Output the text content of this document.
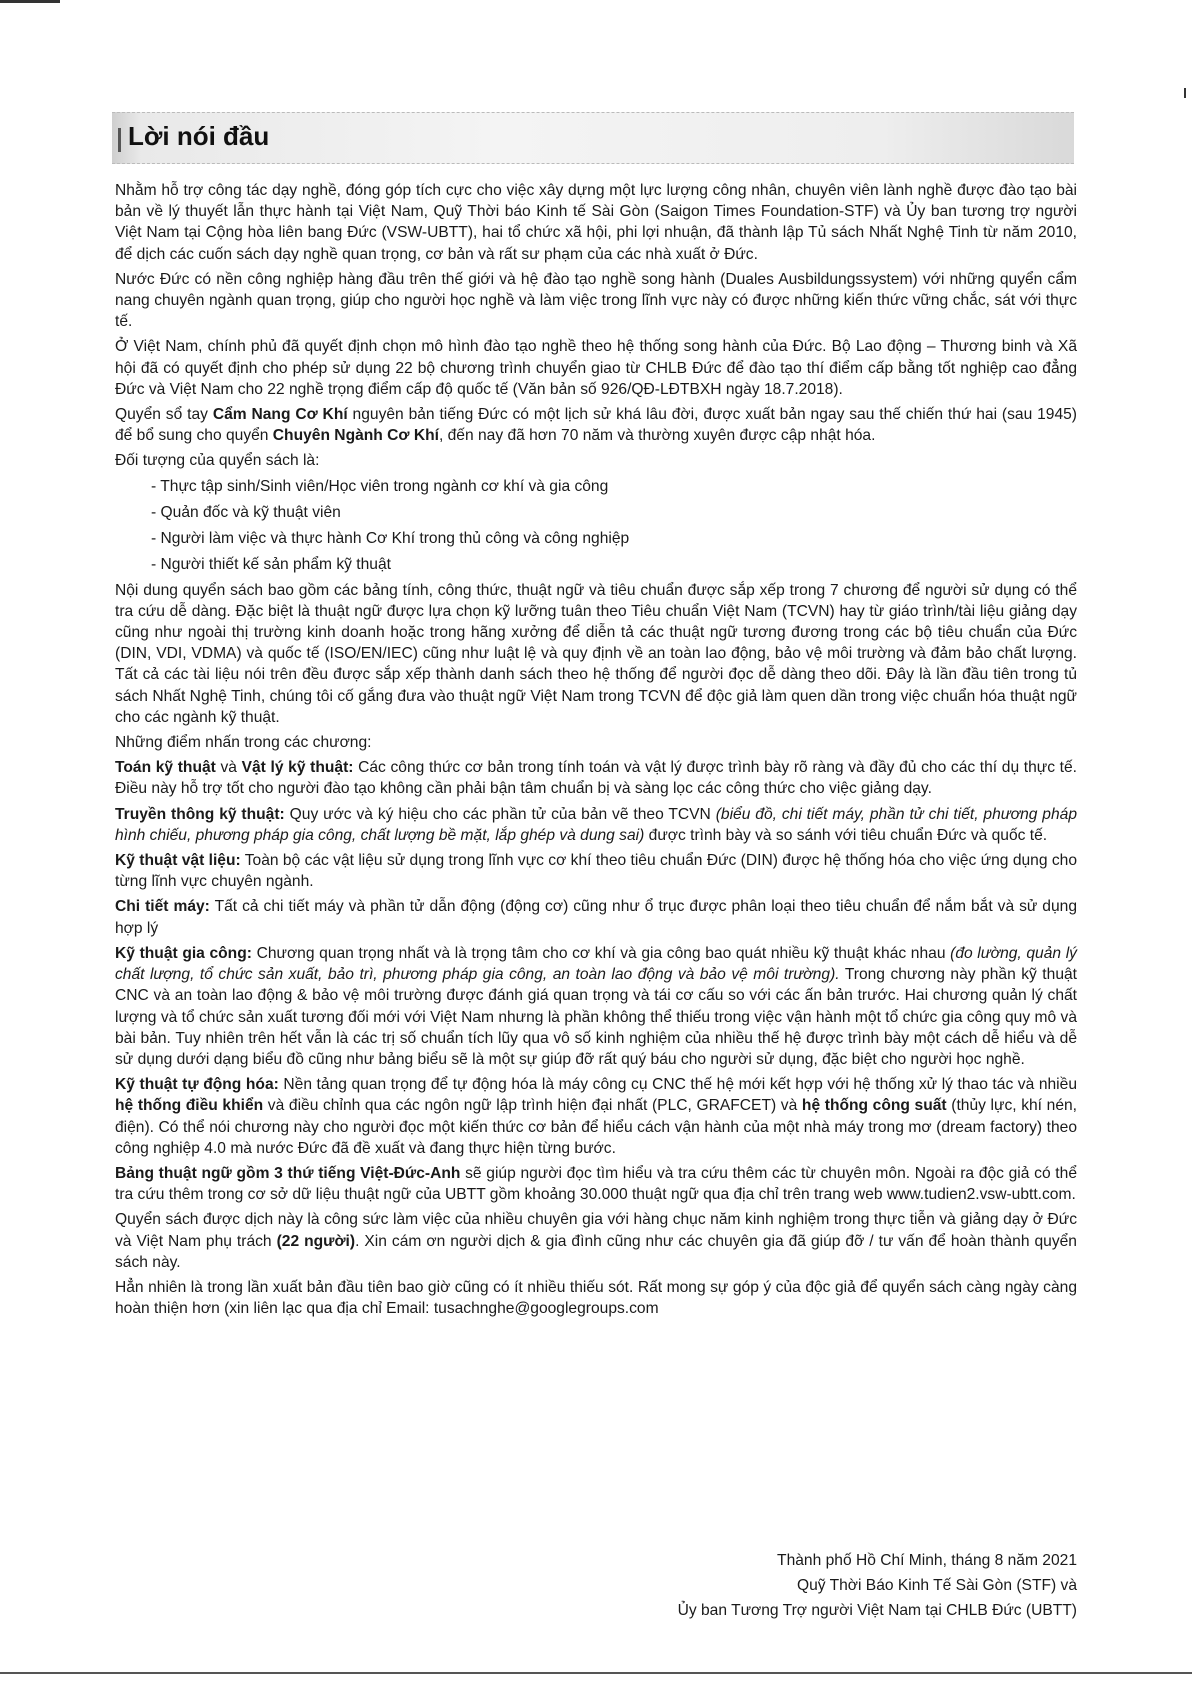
Lời nói đầu

Nhằm hỗ trợ công tác dạy nghề, đóng góp tích cực cho việc xây dựng một lực lượng công nhân, chuyên viên lành nghề được đào tạo bài bản về lý thuyết lẫn thực hành tại Việt Nam, Quỹ Thời báo Kinh tế Sài Gòn (Saigon Times Foundation-STF) và Ủy ban tương trợ người Việt Nam tại Cộng hòa liên bang Đức (VSW-UBTT), hai tổ chức xã hội, phi lợi nhuận, đã thành lập Tủ sách Nhất Nghệ Tinh từ năm 2010, để dịch các cuốn sách dạy nghề quan trọng, cơ bản và rất sư phạm của các nhà xuất ở Đức.

Nước Đức có nền công nghiệp hàng đầu trên thế giới và hệ đào tạo nghề song hành (Duales Ausbildungssystem) với những quyển cẩm nang chuyên ngành quan trọng, giúp cho người học nghề và làm việc trong lĩnh vực này có được những kiến thức vững chắc, sát với thực tế.

Ở Việt Nam, chính phủ đã quyết định chọn mô hình đào tạo nghề theo hệ thống song hành của Đức. Bộ Lao động – Thương binh và Xã hội đã có quyết định cho phép sử dụng 22 bộ chương trình chuyển giao từ CHLB Đức để đào tạo thí điểm cấp bằng tốt nghiệp cao đẳng Đức và Việt Nam cho 22 nghề trọng điểm cấp độ quốc tế (Văn bản số 926/QĐ-LĐTBXH ngày 18.7.2018).

Quyển sổ tay Cẩm Nang Cơ Khí nguyên bản tiếng Đức có một lịch sử khá lâu đời, được xuất bản ngay sau thế chiến thứ hai (sau 1945) để bổ sung cho quyển Chuyên Ngành Cơ Khí, đến nay đã hơn 70 năm và thường xuyên được cập nhật hóa.

Đối tượng của quyển sách là:

- Thực tập sinh/Sinh viên/Học viên trong ngành cơ khí và gia công
- Quản đốc và kỹ thuật viên
- Người làm việc và thực hành Cơ Khí trong thủ công và công nghiệp
- Người thiết kế sản phẩm kỹ thuật

Nội dung quyển sách bao gồm các bảng tính, công thức, thuật ngữ và tiêu chuẩn được sắp xếp trong 7 chương để người sử dụng có thể tra cứu dễ dàng. Đặc biệt là thuật ngữ được lựa chọn kỹ lưỡng tuân theo Tiêu chuẩn Việt Nam (TCVN) hay từ giáo trình/tài liệu giảng dạy cũng như ngoài thị trường kinh doanh hoặc trong hãng xưởng để diễn tả các thuật ngữ tương đương trong các bộ tiêu chuẩn của Đức (DIN, VDI, VDMA) và quốc tế (ISO/EN/IEC) cũng như luật lệ và quy định về an toàn lao động, bảo vệ môi trường và đảm bảo chất lượng. Tất cả các tài liệu nói trên đều được sắp xếp thành danh sách theo hệ thống để người đọc dễ dàng theo dõi. Đây là lần đầu tiên trong tủ sách Nhất Nghệ Tinh, chúng tôi cố gắng đưa vào thuật ngữ Việt Nam trong TCVN để độc giả làm quen dần trong việc chuẩn hóa thuật ngữ cho các ngành kỹ thuật.

Những điểm nhấn trong các chương:

Toán kỹ thuật và Vật lý kỹ thuật: Các công thức cơ bản trong tính toán và vật lý được trình bày rõ ràng và đầy đủ cho các thí dụ thực tế. Điều này hỗ trợ tốt cho người đào tạo không cần phải bận tâm chuẩn bị và sàng lọc các công thức cho việc giảng dạy.

Truyền thông kỹ thuật: Quy ước và ký hiệu cho các phần tử của bản vẽ theo TCVN (biểu đồ, chi tiết máy, phần tử chi tiết, phương pháp hình chiếu, phương pháp gia công, chất lượng bề mặt, lắp ghép và dung sai) được trình bày và so sánh với tiêu chuẩn Đức và quốc tế.

Kỹ thuật vật liệu: Toàn bộ các vật liệu sử dụng trong lĩnh vực cơ khí theo tiêu chuẩn Đức (DIN) được hệ thống hóa cho việc ứng dụng cho từng lĩnh vực chuyên ngành.

Chi tiết máy: Tất cả chi tiết máy và phần tử dẫn động (động cơ) cũng như ổ trục được phân loại theo tiêu chuẩn để nắm bắt và sử dụng hợp lý

Kỹ thuật gia công: Chương quan trọng nhất và là trọng tâm cho cơ khí và gia công bao quát nhiều kỹ thuật khác nhau (đo lường, quản lý chất lượng, tổ chức sản xuất, bảo trì, phương pháp gia công, an toàn lao động và bảo vệ môi trường). Trong chương này phần kỹ thuật CNC và an toàn lao động & bảo vệ môi trường được đánh giá quan trọng và tái cơ cấu so với các ấn bản trước. Hai chương quản lý chất lượng và tổ chức sản xuất tương đối mới với Việt Nam nhưng là phần không thể thiếu trong việc vận hành một tổ chức gia công quy mô và bài bản. Tuy nhiên trên hết vẫn là các trị số chuẩn tích lũy qua vô số kinh nghiệm của nhiều thế hệ được trình bày một cách dễ hiểu và dễ sử dụng dưới dạng biểu đồ cũng như bảng biểu sẽ là một sự giúp đỡ rất quý báu cho người sử dụng, đặc biệt cho người học nghề.

Kỹ thuật tự động hóa: Nền tảng quan trọng để tự động hóa là máy công cụ CNC thế hệ mới kết hợp với hệ thống xử lý thao tác và nhiều hệ thống điều khiển và điều chỉnh qua các ngôn ngữ lập trình hiện đại nhất (PLC, GRAFCET) và hệ thống công suất (thủy lực, khí nén, điện). Có thể nói chương này cho người đọc một kiến thức cơ bản để hiểu cách vận hành của một nhà máy trong mơ (dream factory) theo công nghiệp 4.0 mà nước Đức đã đề xuất và đang thực hiện từng bước.

Bảng thuật ngữ gồm 3 thứ tiếng Việt-Đức-Anh sẽ giúp người đọc tìm hiểu và tra cứu thêm các từ chuyên môn. Ngoài ra độc giả có thể tra cứu thêm trong cơ sở dữ liệu thuật ngữ của UBTT gồm khoảng 30.000 thuật ngữ qua địa chỉ trên trang web www.tudien2.vsw-ubtt.com.

Quyển sách được dịch này là công sức làm việc của nhiều chuyên gia với hàng chục năm kinh nghiệm trong thực tiễn và giảng dạy ở Đức và Việt Nam phụ trách (22 người). Xin cám ơn người dịch & gia đình cũng như các chuyên gia đã giúp đỡ / tư vấn để hoàn thành quyển sách này.

Hẳn nhiên là trong lần xuất bản đầu tiên bao giờ cũng có ít nhiều thiếu sót. Rất mong sự góp ý của độc giả để quyển sách càng ngày càng hoàn thiện hơn (xin liên lạc qua địa chỉ Email: tusachnghe@googlegroups.com

Thành phố Hồ Chí Minh, tháng 8 năm 2021
Quỹ Thời Báo Kinh Tế Sài Gòn (STF) và
Ủy ban Tương Trợ người Việt Nam tại CHLB Đức (UBTT)
